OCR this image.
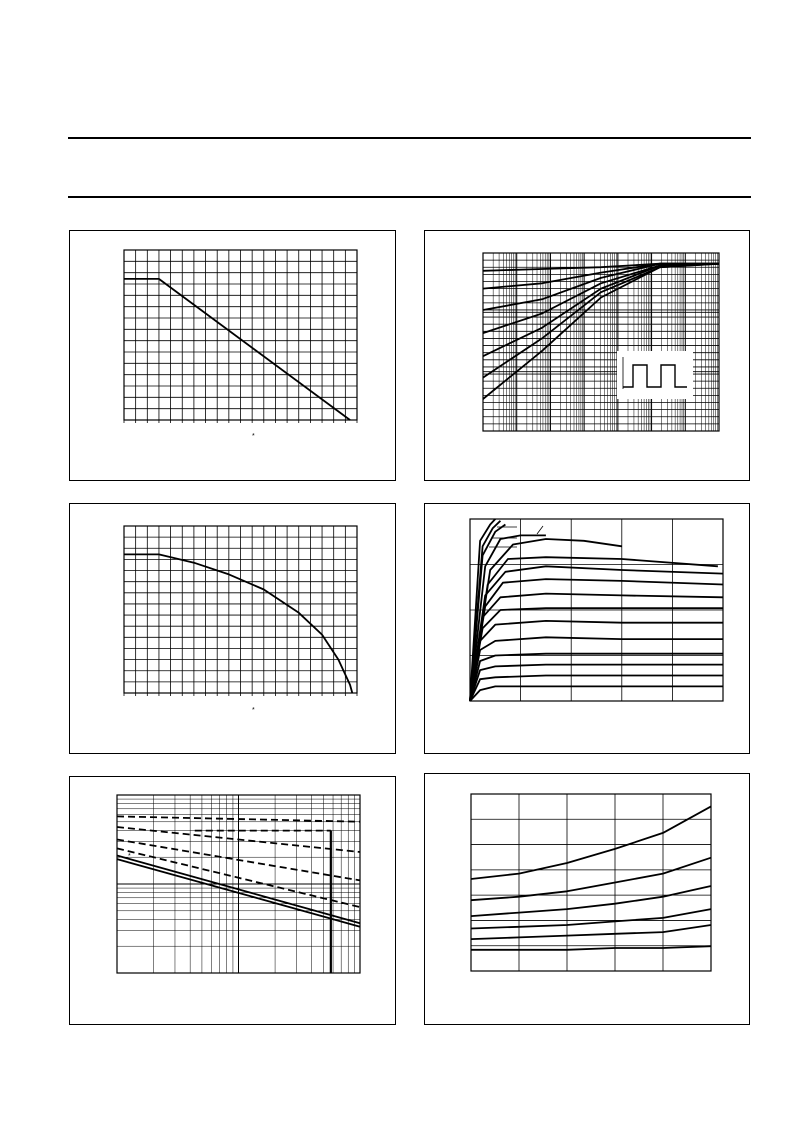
*
*
*
